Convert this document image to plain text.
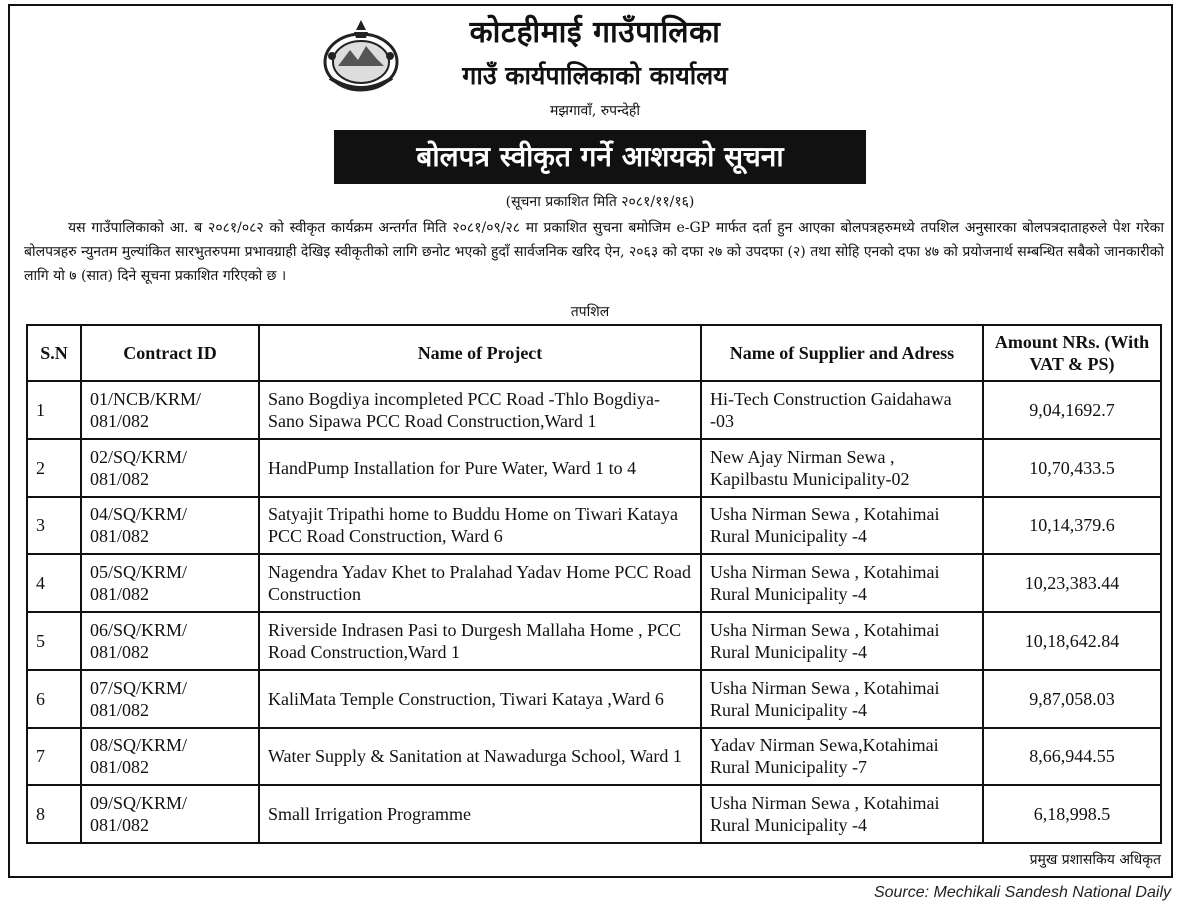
कोटहीमाई गाउँपालिका
गाउँ कार्यपालिकाको कार्यालय
मझगावाँ, रुपन्देही
बोलपत्र स्वीकृत गर्ने आशयको सूचना
(सूचना प्रकाशित मिति २०८१/११/१६)
यस गाउँपालिकाको आ. ब २०८१/०८२ को स्वीकृत कार्यक्रम अन्तर्गत मिति २०८१/०९/२८ मा प्रकाशित सुचना बमोजिम e-GP मार्फत दर्ता हुन आएका बोलपत्रहरुमध्ये तपशिल अनुसारका बोलपत्रदाताहरुले पेश गरेका बोलपत्रहरु न्युनतम मुल्यांकित सारभुतरुपमा प्रभावग्राही देखिइ स्वीकृतीको लागि छनोट भएको हुदाँ सार्वजनिक खरिद ऐन, २०६३ को दफा २७ को उपदफा (२) तथा सोहि एनको दफा ४७ को प्रयोजनार्थ सम्बन्धित सबैको जानकारीको लागि यो ७ (सात) दिने सूचना प्रकाशित गरिएको छ ।
तपशिल
S.N	Contract ID	Name of Project	Name of Supplier and Adress	Amount NRs. (With VAT & PS)
1	01/NCB/KRM/ 081/082	Sano Bogdiya incompleted PCC Road -Thlo Bogdiya- Sano Sipawa PCC Road Construction,Ward 1	Hi-Tech Construction Gaidahawa -03	9,04,1692.7
2	02/SQ/KRM/ 081/082	HandPump Installation for Pure Water, Ward 1 to 4	New Ajay Nirman Sewa , Kapilbastu Municipality-02	10,70,433.5
3	04/SQ/KRM/ 081/082	Satyajit Tripathi home to Buddu Home on Tiwari Kataya PCC Road Construction, Ward 6	Usha Nirman Sewa , Kotahimai Rural Municipality -4	10,14,379.6
4	05/SQ/KRM/ 081/082	Nagendra Yadav Khet to Pralahad Yadav Home PCC Road Construction	Usha Nirman Sewa , Kotahimai Rural Municipality -4	10,23,383.44
5	06/SQ/KRM/ 081/082	Riverside Indrasen Pasi to Durgesh Mallaha Home , PCC Road Construction,Ward 1	Usha Nirman Sewa , Kotahimai Rural Municipality -4	10,18,642.84
6	07/SQ/KRM/ 081/082	KaliMata Temple Construction, Tiwari Kataya ,Ward 6	Usha Nirman Sewa , Kotahimai Rural Municipality -4	9,87,058.03
7	08/SQ/KRM/ 081/082	Water Supply & Sanitation at Nawadurga School, Ward 1	Yadav Nirman Sewa,Kotahimai Rural Municipality -7	8,66,944.55
8	09/SQ/KRM/ 081/082	Small Irrigation Programme	Usha Nirman Sewa , Kotahimai Rural Municipality -4	6,18,998.5
प्रमुख प्रशासकिय अधिकृत
Source: Mechikali Sandesh National Daily
